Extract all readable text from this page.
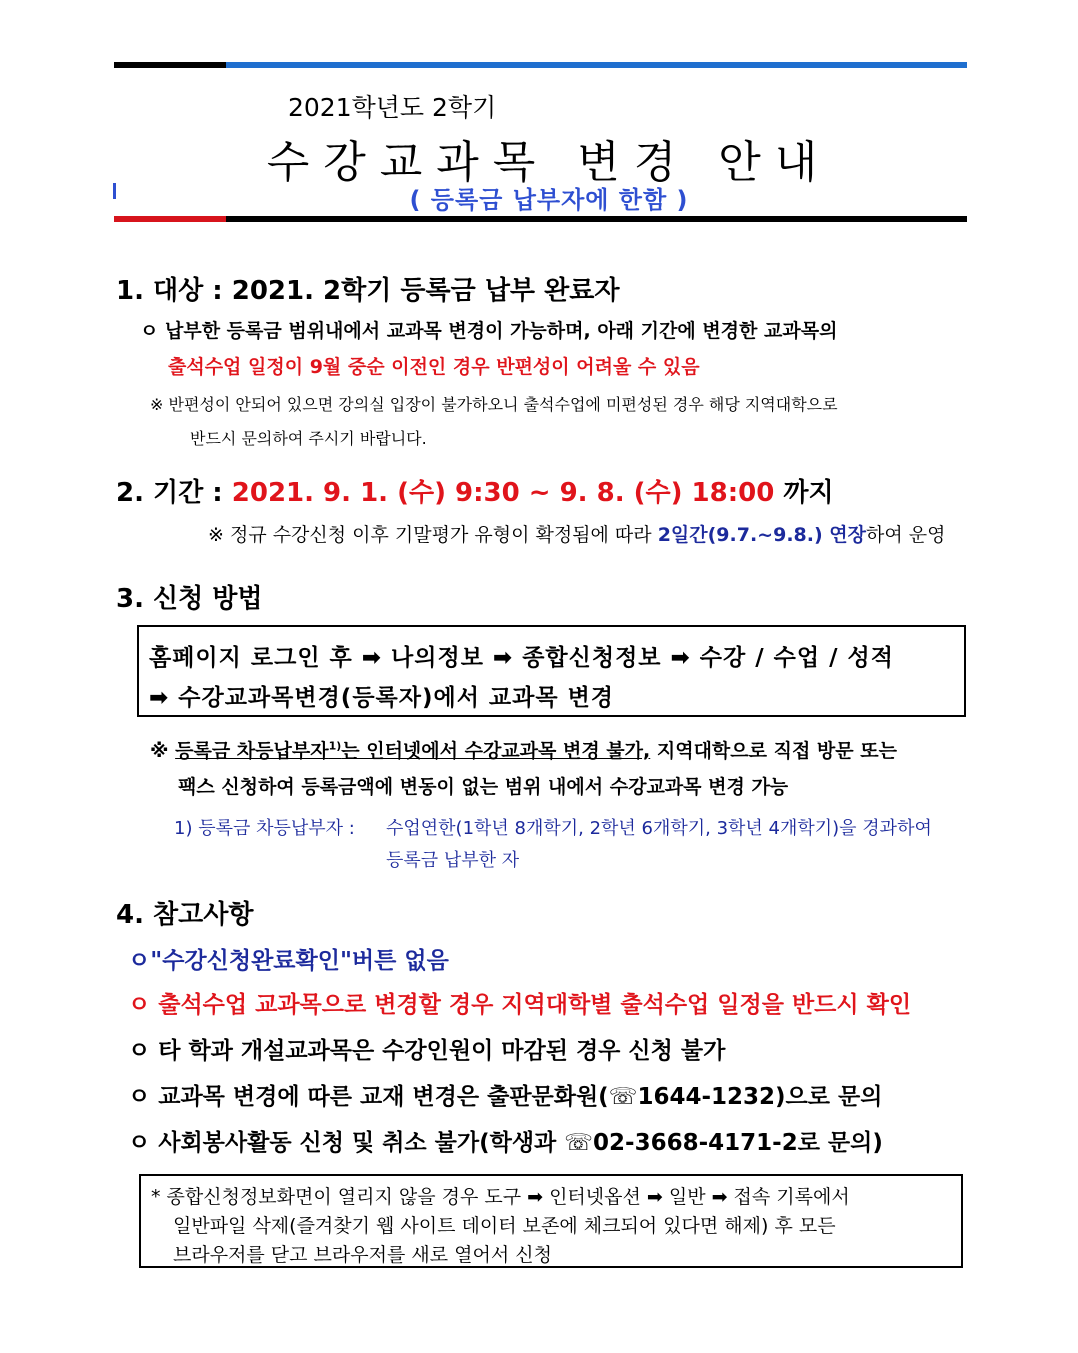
2021학년도 2학기
수강교과목 변경 안내
( 등록금 납부자에 한함 )
1. 대상 : 2021. 2학기 등록금 납부 완료자
ㅇ 납부한 등록금 범위내에서 교과목 변경이 가능하며, 아래 기간에 변경한 교과목의
출석수업 일정이 9월 중순 이전인 경우 반편성이 어려울 수 있음
※ 반편성이 안되어 있으면 강의실 입장이 불가하오니 출석수업에 미편성된 경우 해당 지역대학으로
반드시 문의하여 주시기 바랍니다.
2. 기간 : 2021. 9. 1. (수) 9:30 ~ 9. 8. (수) 18:00 까지
※ 정규 수강신청 이후 기말평가 유형이 확정됨에 따라 2일간(9.7.~9.8.) 연장하여 운영
3. 신청 방법
홈페이지 로그인 후 ➡ 나의정보 ➡ 종합신청정보 ➡ 수강 / 수업 / 성적
➡ 수강교과목변경(등록자)에서 교과목 변경
※ 등록금 차등납부자$^{1)}$는 인터넷에서 수강교과목 변경 불가, 지역대학으로 직접 방문 또는
팩스 신청하여 등록금액에 변동이 없는 범위 내에서 수강교과목 변경 가능
1) 등록금 차등납부자 : 수업연한(1학년 8개학기, 2학년 6개학기, 3학년 4개학기)을 경과하여
등록금 납부한 자
4. 참고사항
ㅇ"수강신청완료확인"버튼 없음
ㅇ 출석수업 교과목으로 변경할 경우 지역대학별 출석수업 일정을 반드시 확인
ㅇ 타 학과 개설교과목은 수강인원이 마감된 경우 신청 불가
ㅇ 교과목 변경에 따른 교재 변경은 출판문화원(☏1644-1232)으로 문의
ㅇ 사회봉사활동 신청 및 취소 불가(학생과 ☏02-3668-4171-2로 문의)
* 종합신청정보화면이 열리지 않을 경우 도구 ➡ 인터넷옵션 ➡ 일반 ➡ 접속 기록에서
일반파일 삭제(즐겨찾기 웹 사이트 데이터 보존에 체크되어 있다면 해제) 후 모든
브라우저를 닫고 브라우저를 새로 열어서 신청
